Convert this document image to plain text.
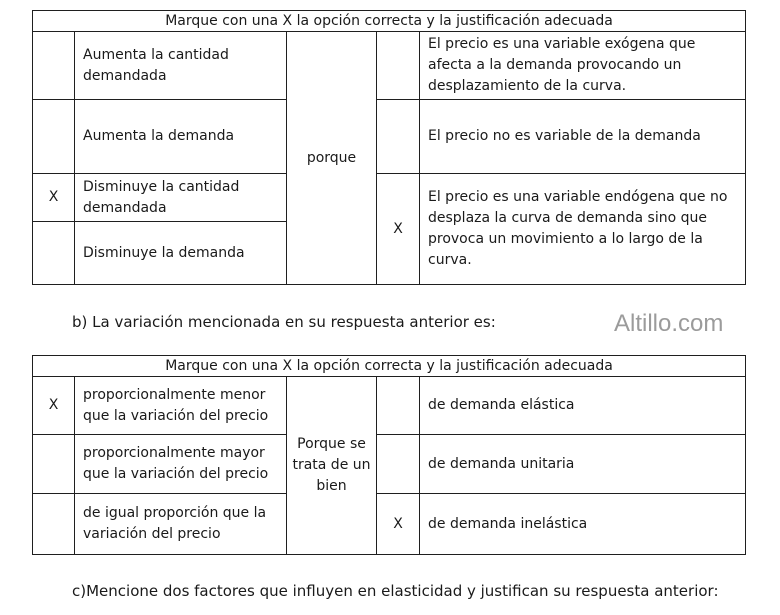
Marque con una X la opción correcta y la justificación adecuada				
	Aumenta la cantidad demandada	porque		El precio es una variable exógena que afecta a la demanda provocando un desplazamiento de la curva.
	Aumenta la demanda			El precio no es variable de la demanda
X	Disminuye la cantidad demandada		X	El precio es una variable endógena que no desplaza la curva de demanda sino que provoca un movimiento a lo largo de la curva.
	Disminuye la demanda			
b) La variación mencionada en su respuesta anterior es:	Altillo.com
Marque con una X la opción correcta y la justificación adecuada				
X	proporcionalmente menor que la variación del precio	Porque se trata de un bien		de demanda elástica
	proporcionalmente mayor que la variación del precio			de demanda unitaria
	de igual proporción que la variación del precio		X	de demanda inelástica
c)Mencione dos factores que influyen en elasticidad y justifican su respuesta anterior:
